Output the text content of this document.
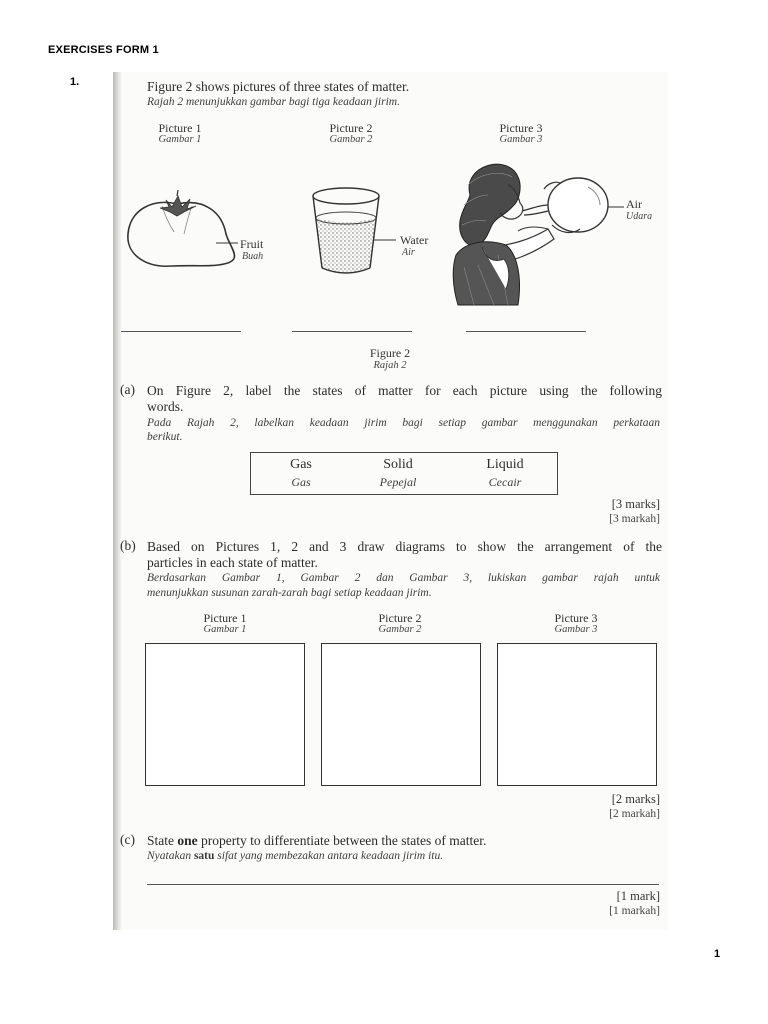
EXERCISES FORM 1
1.
1
Figure 2 shows pictures of three states of matter.
Rajah 2 menunjukkan gambar bagi tiga keadaan jirim.
Picture 1
Gambar 1
Picture 2
Gambar 2
Picture 3
Gambar 3
Fruit
Buah
Water
Air
Air
Udara
Figure 2
Rajah 2
(a) On Figure 2, label the states of matter for each picture using the following
words.
Pada Rajah 2, labelkan keadaan jirim bagi setiap gambar menggunakan perkataan
berikut.
Gas
Gas
Solid
Pepejal
Liquid
Cecair
[3 marks]
[3 markah]
(b) Based on Pictures 1, 2 and 3 draw diagrams to show the arrangement of the
particles in each state of matter.
Berdasarkan Gambar 1, Gambar 2 dan Gambar 3, lukiskan gambar rajah untuk
menunjukkan susunan zarah-zarah bagi setiap keadaan jirim.
Picture 1
Gambar 1
Picture 2
Gambar 2
Picture 3
Gambar 3
[2 marks]
[2 markah]
(c) State one property to differentiate between the states of matter.
Nyatakan satu sifat yang membezakan antara keadaan jirim itu.
[1 mark]
[1 markah]
